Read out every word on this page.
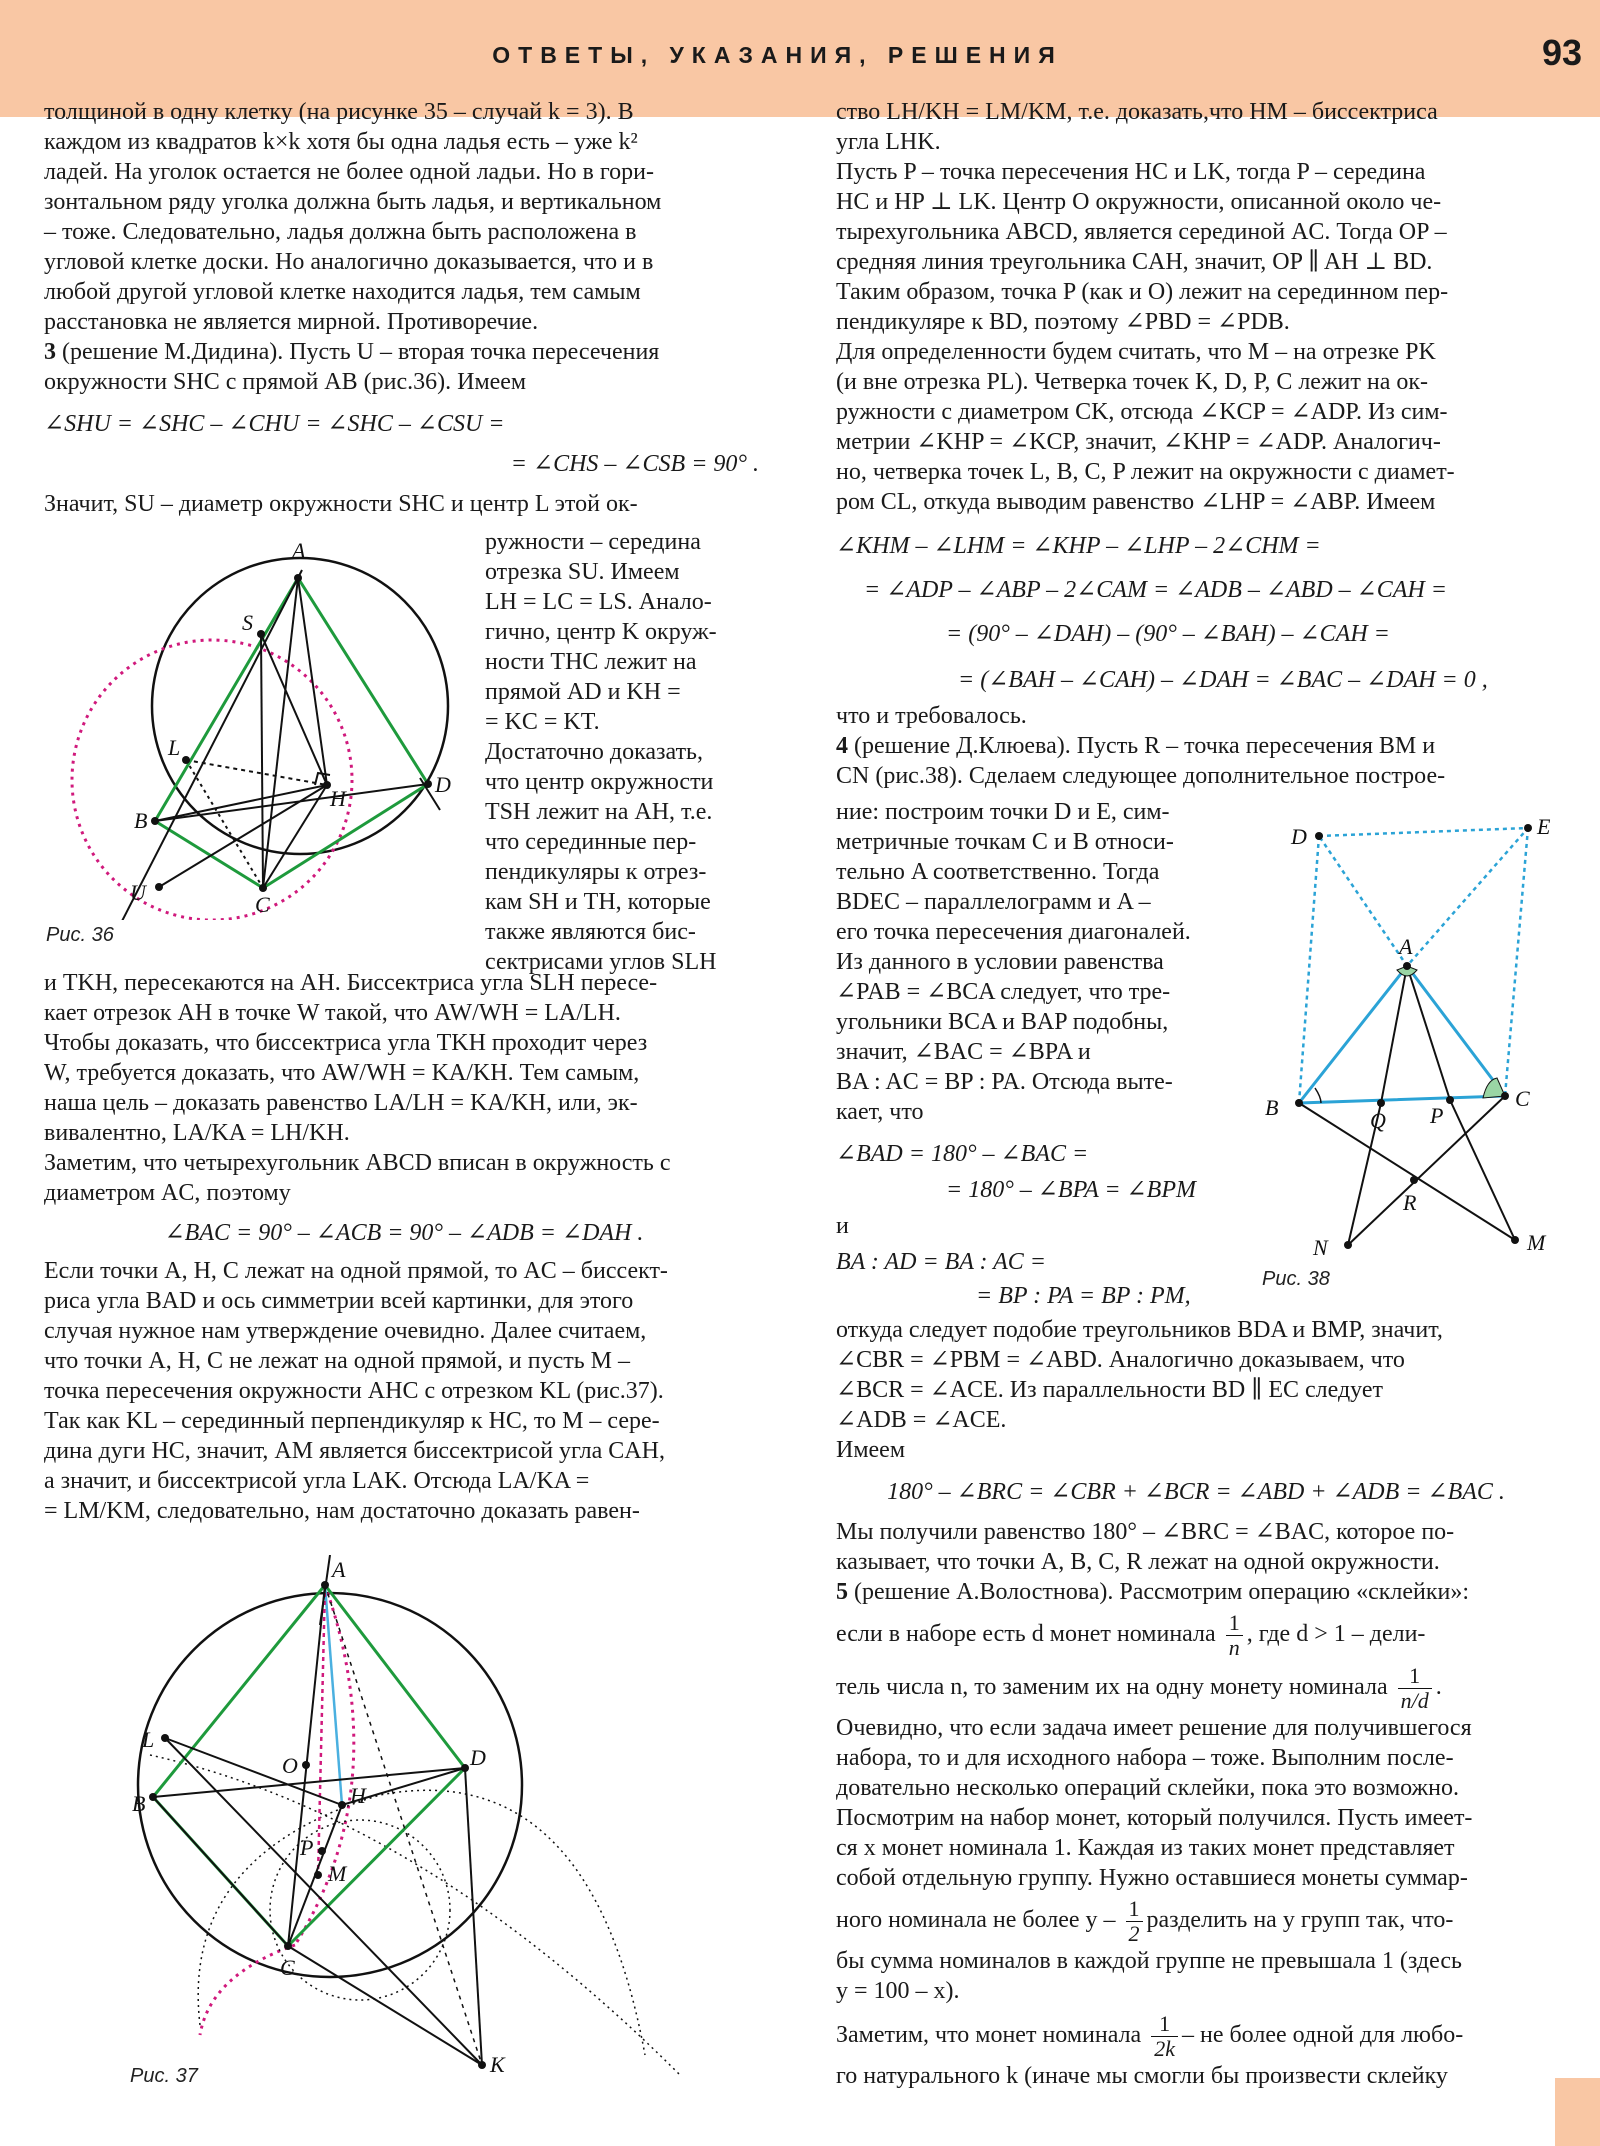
ОТВЕТЫ, УКАЗАНИЯ, РЕШЕНИЯ	93

толщиной в одну клетку (на рисунке 35 – случай k = 3). В

каждом из квадратов k×k хотя бы одна ладья есть – уже k²

ладей. На уголок остается не более одной ладьи. Но в гори-

зонтальном ряду уголка должна быть ладья, и вертикальном

– тоже. Следовательно, ладья должна быть расположена в

угловой клетке доски. Но аналогично доказывается, что и в

любой другой угловой клетке находится ладья, тем самым

расстановка не является мирной. Противоречие.

3 (решение М.Дидина). Пусть U – вторая точка пересечения

окружности SHC с прямой AB (рис.36). Имеем

∠SHU = ∠SHC – ∠CHU = ∠SHC – ∠CSU =

= ∠CHS – ∠CSB = 90° .

Значит, SU – диаметр окружности SHC и центр L этой ок-

ружности – середина

отрезка SU. Имеем

LH = LC = LS. Анало-

гично, центр K окруж-

ности THC лежит на

прямой AD и KH =

= KC = KT.

Достаточно доказать,

что центр окружности

TSH лежит на AH, т.е.

что серединные пер-

пендикуляры к отрез-

кам SH и TH, которые

также являются бис-

сектрисами углов SLH

A
S
L
B
H
D
U	C
Рис. 36

и TKH, пересекаются на AH. Биссектриса угла SLH пересе-

кает отрезок AH в точке W такой, что AW/WH = LA/LH.

Чтобы доказать, что биссектриса угла TKH проходит через

W, требуется доказать, что AW/WH = KA/KH. Тем самым,

наша цель – доказать равенство LA/LH = KA/KH, или, эк-

вивалентно, LA/KA = LH/KH.

Заметим, что четырехугольник ABCD вписан в окружность с

диаметром AC, поэтому

∠BAC = 90° – ∠ACB = 90° – ∠ADB = ∠DAH .

Если точки A, H, C лежат на одной прямой, то AC – биссект-

риса угла BAD и ось симметрии всей картинки, для этого

случая нужное нам утверждение очевидно. Далее считаем,

что точки A, H, C не лежат на одной прямой, и пусть M –

точка пересечения окружности AHC с отрезком KL (рис.37).

Так как KL – серединный перпендикуляр к HC, то M – сере-

дина дуги HC, значит, AM является биссектрисой угла CAH,

а значит, и биссектрисой угла LAK. Отсюда LA/KA =

= LM/KM, следовательно, нам достаточно доказать равен-

A
O
L
B	H
D
P
M
C
K
Рис. 37

ство LH/KH = LM/KM, т.е. доказать,что HM – биссектриса

угла LHK.

Пусть P – точка пересечения HC и LK, тогда P – середина

HC и HP ⊥ LK. Центр O окружности, описанной около че-

тырехугольника ABCD, является серединой AC. Тогда OP –

средняя линия треугольника CAH, значит, OP ∥ AH ⊥ BD.

Таким образом, точка P (как и O) лежит на серединном пер-

пендикуляре к BD, поэтому ∠PBD = ∠PDB.

Для определенности будем считать, что M – на отрезке PK

(и вне отрезка PL). Четверка точек K, D, P, C лежит на ок-

ружности с диаметром CK, отсюда ∠KCP = ∠ADP. Из сим-

метрии ∠KHP = ∠KCP, значит, ∠KHP = ∠ADP. Аналогич-

но, четверка точек L, B, C, P лежит на окружности с диамет-

ром CL, откуда выводим равенство ∠LHP = ∠ABP. Имеем

∠KHM – ∠LHM = ∠KHP – ∠LHP – 2∠CHM =

= ∠ADP – ∠ABP – 2∠CAM = ∠ADB – ∠ABD – ∠CAH =

= (90° – ∠DAH) – (90° – ∠BAH) – ∠CAH =

= (∠BAH – ∠CAH) – ∠DAH = ∠BAC – ∠DAH = 0 ,

что и требовалось.

4 (решение Д.Клюева). Пусть R – точка пересечения BM и

CN (рис.38). Сделаем следующее дополнительное построе-

ние: построим точки D и E, сим-

метричные точкам C и B относи-

тельно A соответственно. Тогда

BDEC – параллелограмм и A –

его точка пересечения диагоналей.

Из данного в условии равенства

∠PAB = ∠BCA следует, что тре-

угольники BCA и BAP подобны,

значит, ∠BAC = ∠BPA и

BA : AC = BP : PA. Отсюда выте-

кает, что

∠BAD = 180° – ∠BAC =

= 180° – ∠BPA = ∠BPM

и

BA : AD = BA : AC =

= BP : PA = BP : PM,

D	E
A
B
Q P
C
R
N	M
Рис. 38

откуда следует подобие треугольников BDA и BMP, значит,

∠CBR = ∠PBM = ∠ABD. Аналогично доказываем, что

∠BCR = ∠ACE. Из параллельности BD ∥ EC следует

∠ADB = ∠ACE.

Имеем

180° – ∠BRC = ∠CBR + ∠BCR = ∠ABD + ∠ADB = ∠BAC .

Мы получили равенство 180° – ∠BRC = ∠BAC, которое по-

казывает, что точки A, B, C, R лежат на одной окружности.

5 (решение А.Волостнова). Рассмотрим операцию «склейки»:

если в наборе есть d монет номинала $\frac{1}{n}$ , где d > 1 – дели-

тель числа n, то заменим их на одну монету номинала $\frac{1}{n/d}$ .

Очевидно, что если задача имеет решение для получившегося

набора, то и для исходного набора – тоже. Выполним после-

довательно несколько операций склейки, пока это возможно.

Посмотрим на набор монет, который получился. Пусть имеет-

ся x монет номинала 1. Каждая из таких монет представляет

собой отдельную группу. Нужно оставшиеся монеты суммар-

ного номинала не более y – $\frac{1}{2}$ разделить на y групп так, что-

бы сумма номиналов в каждой группе не превышала 1 (здесь

y = 100 – x).

Заметим, что монет номинала $\frac{1}{2k}$ – не более одной для любо-

го натурального k (иначе мы смогли бы произвести склейку
